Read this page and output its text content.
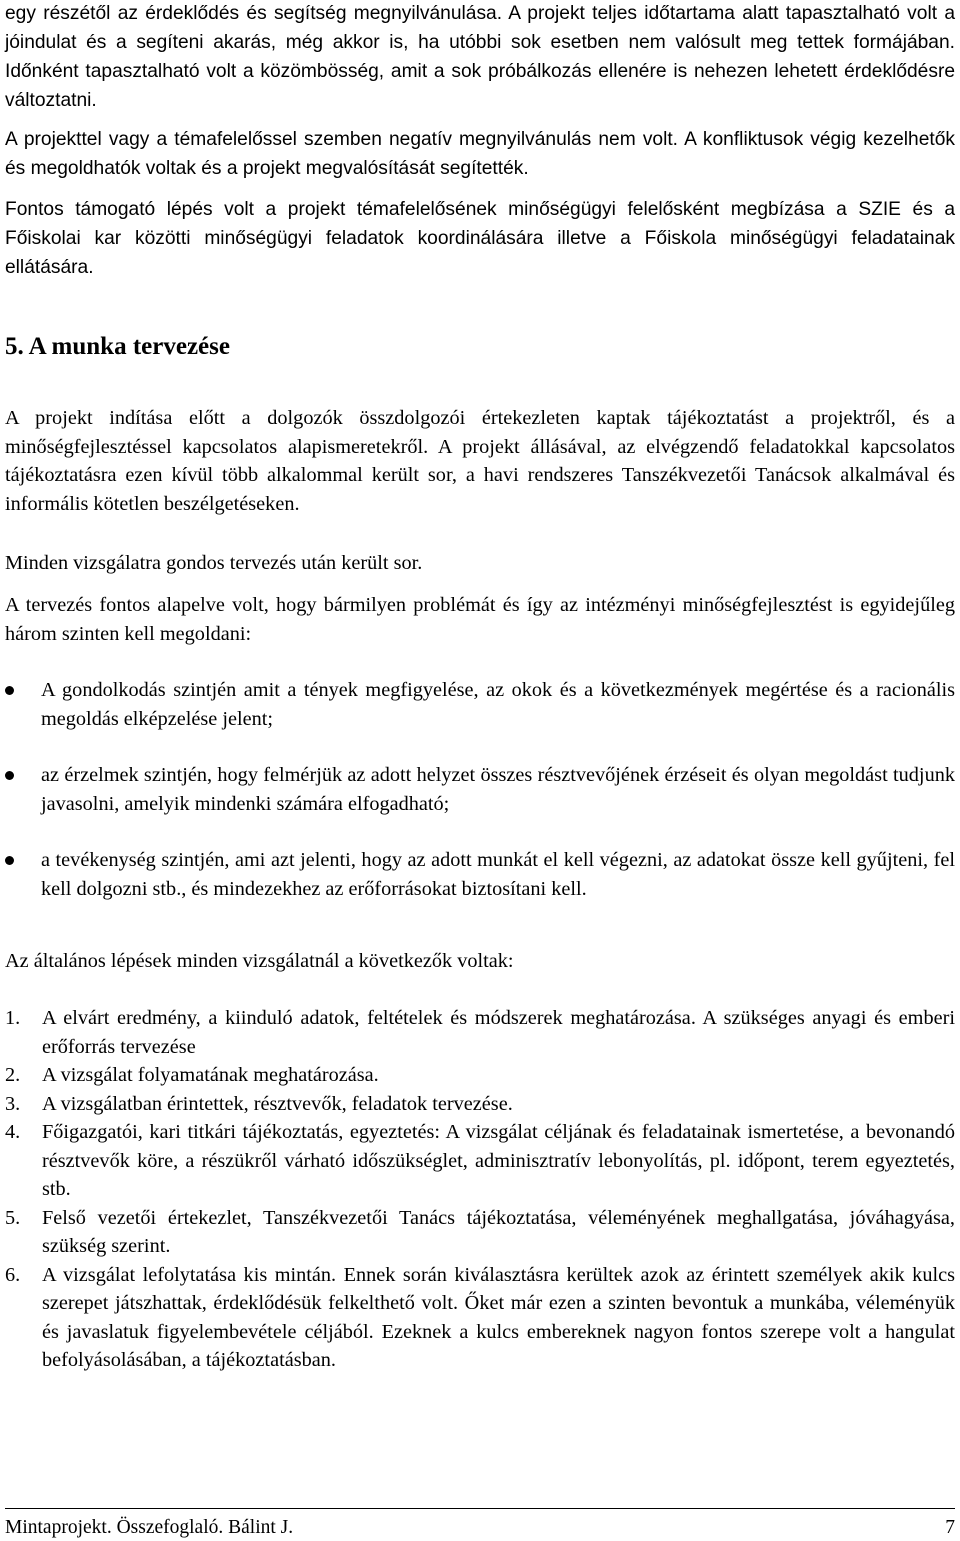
egy részétől az érdeklődés és segítség megnyilvánulása. A projekt teljes időtartama alatt tapasztalható volt a jóindulat és a segíteni akarás, még akkor is, ha utóbbi sok esetben nem valósult meg tettek formájában. Időnként tapasztalható volt a közömbösség, amit a sok próbálkozás ellenére is nehezen lehetett érdeklődésre változtatni.

A projekttel vagy a témafelelőssel szemben negatív megnyilvánulás nem volt. A konfliktusok végig kezelhetők és megoldhatók voltak és a projekt megvalósítását segítették.

Fontos támogató lépés volt a projekt témafelelősének minőségügyi felelősként megbízása a SZIE és a Főiskolai kar közötti minőségügyi feladatok koordinálására illetve a Főiskola minőségügyi feladatainak ellátására.

5. A munka tervezése

A projekt indítása előtt a dolgozók összdolgozói értekezleten kaptak tájékoztatást a projektről, és a minőségfejlesztéssel kapcsolatos alapismeretekről. A projekt állásával, az elvégzendő feladatokkal kapcsolatos tájékoztatásra ezen kívül több alkalommal került sor, a havi rendszeres Tanszékvezetői Tanácsok alkalmával és informális kötetlen beszélgetéseken.

Minden vizsgálatra gondos tervezés után került sor.

A tervezés fontos alapelve volt, hogy bármilyen problémát és így az intézményi minőségfejlesztést is egyidejűleg három szinten kell megoldani:

A gondolkodás szintjén amit a tények megfigyelése, az okok és a következmények megértése és a racionális megoldás elképzelése jelent;
az érzelmek szintjén, hogy felmérjük az adott helyzet összes résztvevőjének érzéseit és olyan megoldást tudjunk javasolni, amelyik mindenki számára elfogadható;
a tevékenység szintjén, ami azt jelenti, hogy az adott munkát el kell végezni, az adatokat össze kell gyűjteni, fel kell dolgozni stb., és mindezekhez az erőforrásokat biztosítani kell.

Az általános lépések minden vizsgálatnál a következők voltak:

1. A elvárt eredmény, a kiinduló adatok, feltételek és módszerek meghatározása. A szükséges anyagi és emberi erőforrás tervezése
2. A vizsgálat folyamatának meghatározása.
3. A vizsgálatban érintettek, résztvevők, feladatok tervezése.
4. Főigazgatói, kari titkári tájékoztatás, egyeztetés: A vizsgálat céljának és feladatainak ismertetése, a bevonandó résztvevők köre, a részükről várható időszükséglet, adminisztratív lebonyolítás, pl. időpont, terem egyeztetés, stb.
5. Felső vezetői értekezlet, Tanszékvezetői Tanács tájékoztatása, véleményének meghallgatása, jóváhagyása, szükség szerint.
6. A vizsgálat lefolytatása kis mintán. Ennek során kiválasztásra kerültek azok az érintett személyek akik kulcs szerepet játszhattak, érdeklődésük felkelthető volt. Őket már ezen a szinten bevontuk a munkába, véleményük és javaslatuk figyelembevétele céljából. Ezeknek a kulcs embereknek nagyon fontos szerepe volt a hangulat befolyásolásában, a tájékoztatásban.
Mintaprojekt. Összefoglaló. Bálint J.	7
